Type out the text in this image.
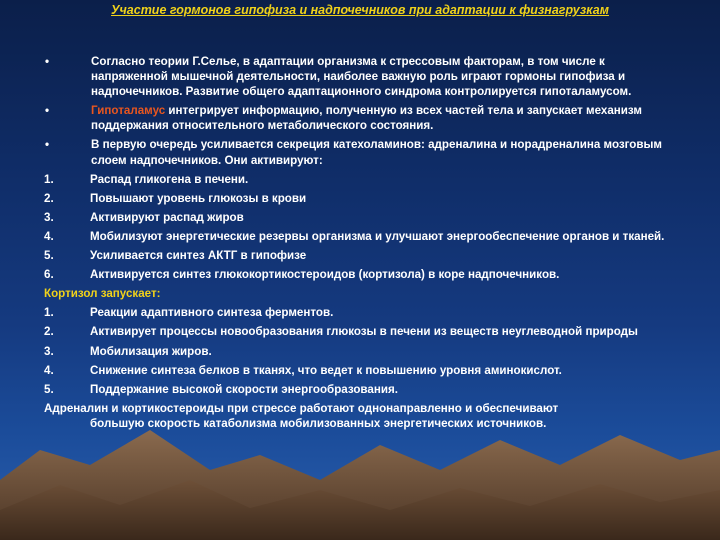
Участие гормонов гипофиза и надпочечников при адаптации к физнагрузкам
•	Согласно теории Г.Селье, в адаптации организма к стрессовым факторам, в том числе к напряженной мышечной деятельности, наиболее важную роль играют гормоны гипофиза и надпочечников. Развитие общего адаптационного синдрома контролируется гипоталамусом.
•	Гипоталамус интегрирует информацию, полученную из всех частей тела и запускает механизм поддержания относительного метаболического состояния.
•	В первую очередь усиливается секреция катехоламинов: адреналина и норадреналина мозговым слоем надпочечников. Они активируют:
1.	Распад гликогена в печени.
2.	Повышают уровень глюкозы в крови
3.	Активируют распад жиров
4.	Мобилизуют энергетические резервы организма и улучшают энергообеспечение органов и тканей.
5.	Усиливается синтез АКТГ в гипофизе
6.	Активируется синтез глюкокортикостероидов (кортизола) в коре надпочечников.
Кортизол запускает:
1.	Реакции адаптивного синтеза ферментов.
2.	Активирует процессы новообразования глюкозы в печени из веществ неуглеводной природы
3.	Мобилизация жиров.
4.	Снижение синтеза белков в тканях, что ведет к повышению уровня аминокислот.
5.	Поддержание высокой скорости энергообразования.
Адреналин и кортикостероиды при стрессе работают однонаправленно и обеспечивают
большую скорость катаболизма мобилизованных энергетических источников.
